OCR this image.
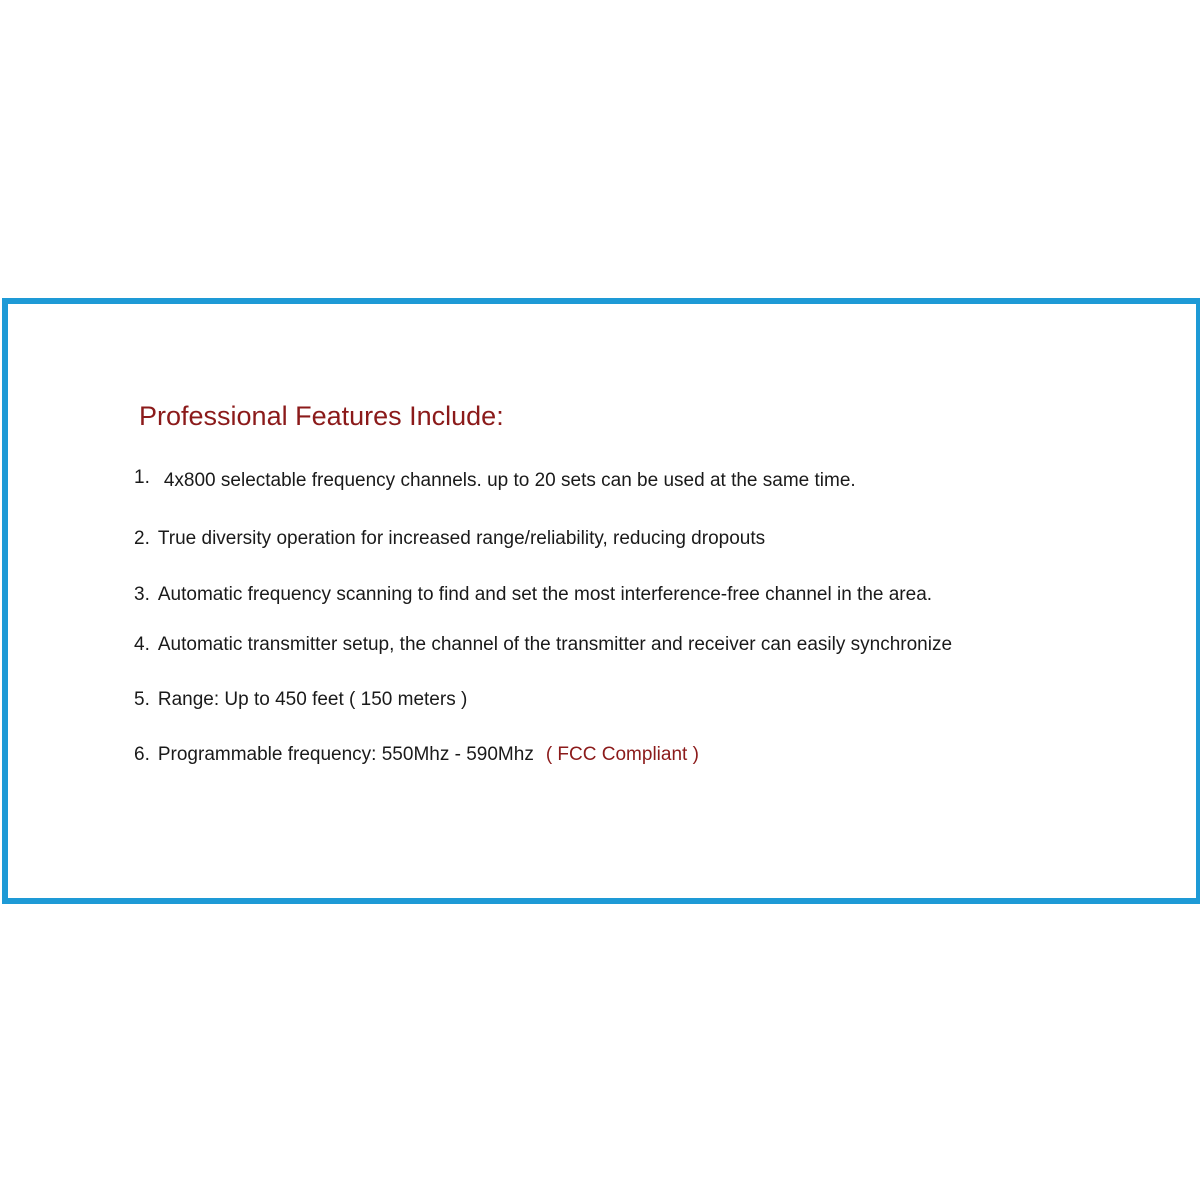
Professional Features Include:
1. 4x800 selectable frequency channels. up to 20 sets can be used at the same time.
2. True diversity operation for increased range/reliability, reducing dropouts
3. Automatic frequency scanning to find and set the most interference-free channel in the area.
4. Automatic transmitter setup, the channel of the transmitter and receiver can easily synchronize
5. Range: Up to 450 feet ( 150 meters )
6. Programmable frequency: 550Mhz - 590Mhz ( FCC Compliant )
